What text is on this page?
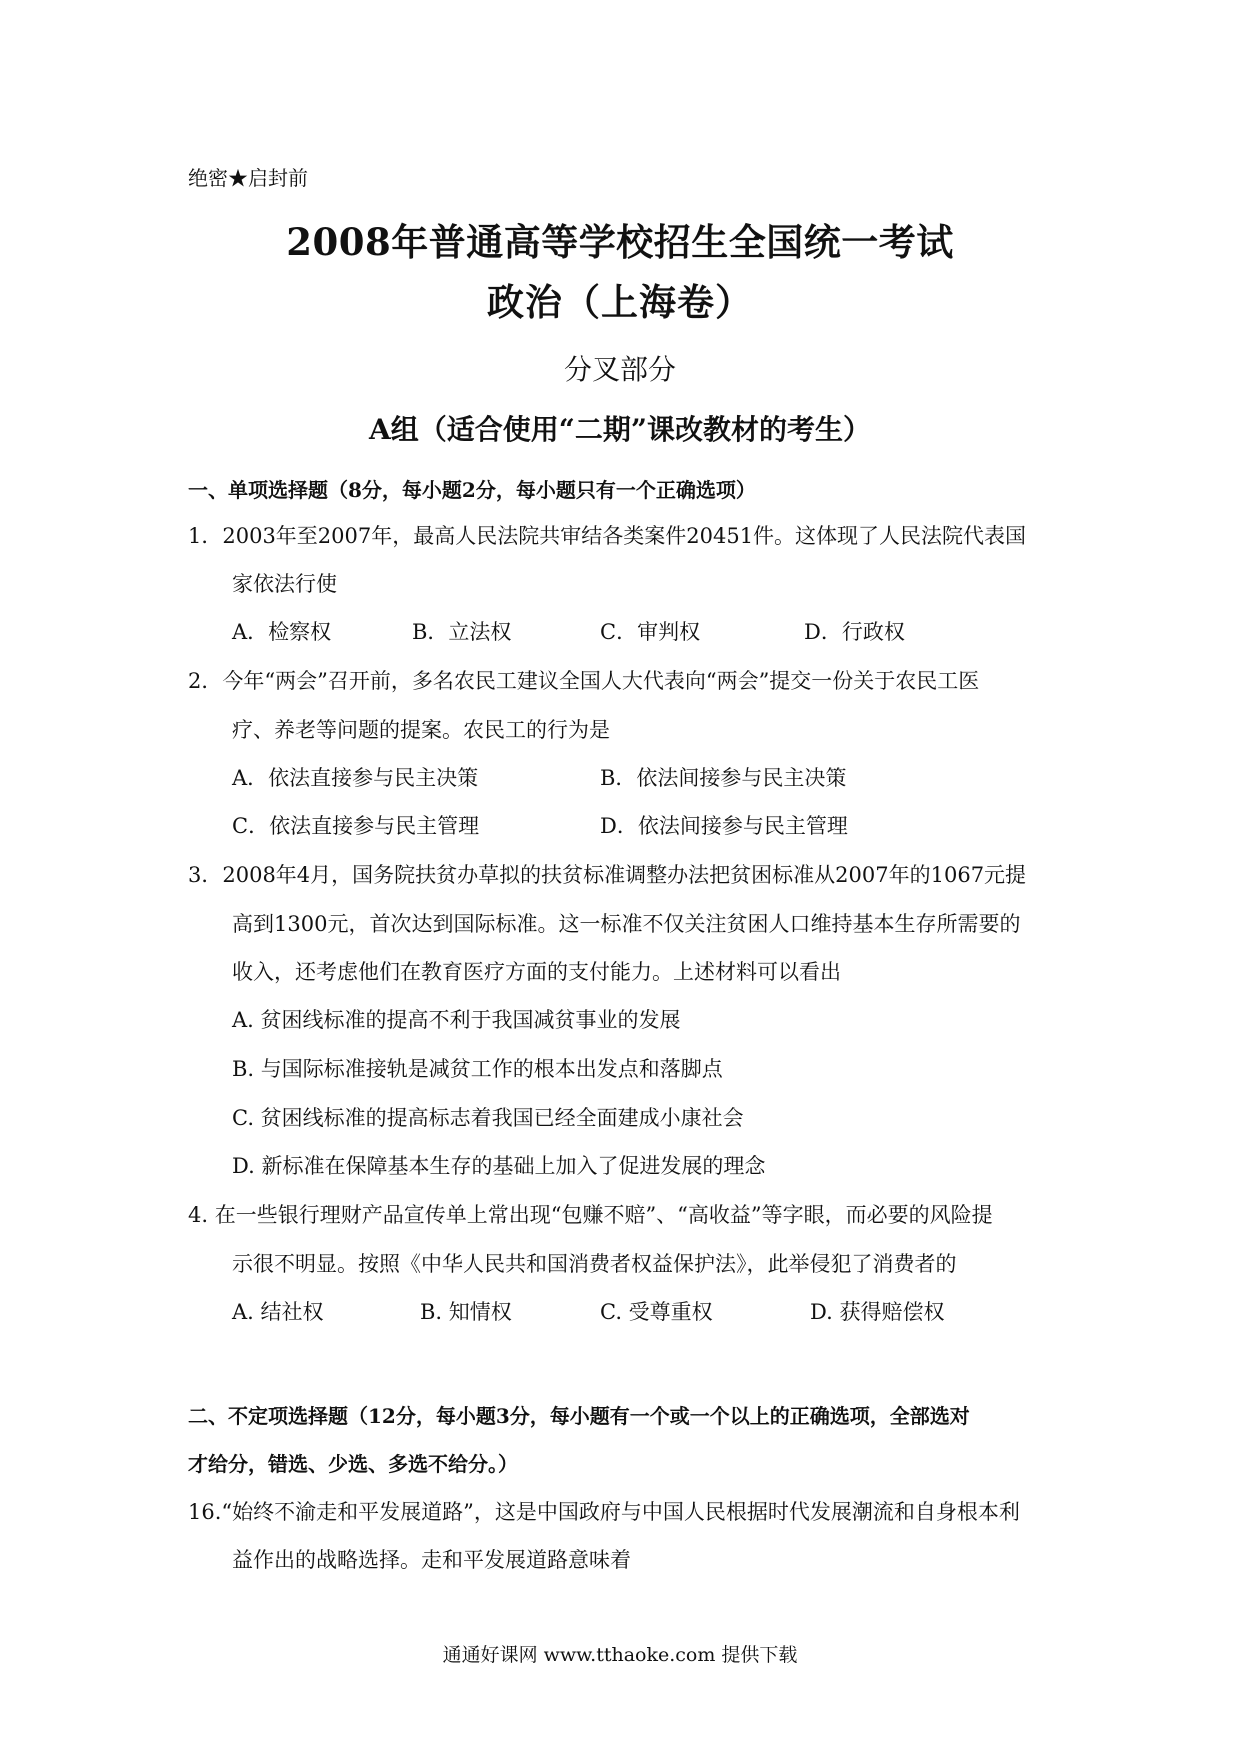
绝密★启封前
2008年普通高等学校招生全国统一考试
政治（上海卷）
分叉部分
A组（适合使用“二期”课改教材的考生）
一、单项选择题（8分，每小题2分，每小题只有一个正确选项）
1．2003年至2007年，最高人民法院共审结各类案件20451件。这体现了人民法院代表国
家依法行使
A．检察权	B．立法权	C．审判权	D．行政权
2．今年“两会”召开前，多名农民工建议全国人大代表向“两会”提交一份关于农民工医
疗、养老等问题的提案。农民工的行为是
A．依法直接参与民主决策	B．依法间接参与民主决策
C．依法直接参与民主管理	D．依法间接参与民主管理
3．2008年4月，国务院扶贫办草拟的扶贫标准调整办法把贫困标准从2007年的1067元提
高到1300元，首次达到国际标准。这一标准不仅关注贫困人口维持基本生存所需要的
收入，还考虑他们在教育医疗方面的支付能力。上述材料可以看出
A. 贫困线标准的提高不利于我国减贫事业的发展
B. 与国际标准接轨是减贫工作的根本出发点和落脚点
C. 贫困线标准的提高标志着我国已经全面建成小康社会
D. 新标准在保障基本生存的基础上加入了促进发展的理念
4. 在一些银行理财产品宣传单上常出现“包赚不赔”、“高收益”等字眼，而必要的风险提
示很不明显。按照《中华人民共和国消费者权益保护法》，此举侵犯了消费者的
A. 结社权	B. 知情权	C. 受尊重权	D. 获得赔偿权
二、不定项选择题（12分，每小题3分，每小题有一个或一个以上的正确选项，全部选对
才给分，错选、少选、多选不给分。）
16.“始终不渝走和平发展道路”，这是中国政府与中国人民根据时代发展潮流和自身根本利
益作出的战略选择。走和平发展道路意味着
通通好课网 www.tthaoke.com 提供下载
